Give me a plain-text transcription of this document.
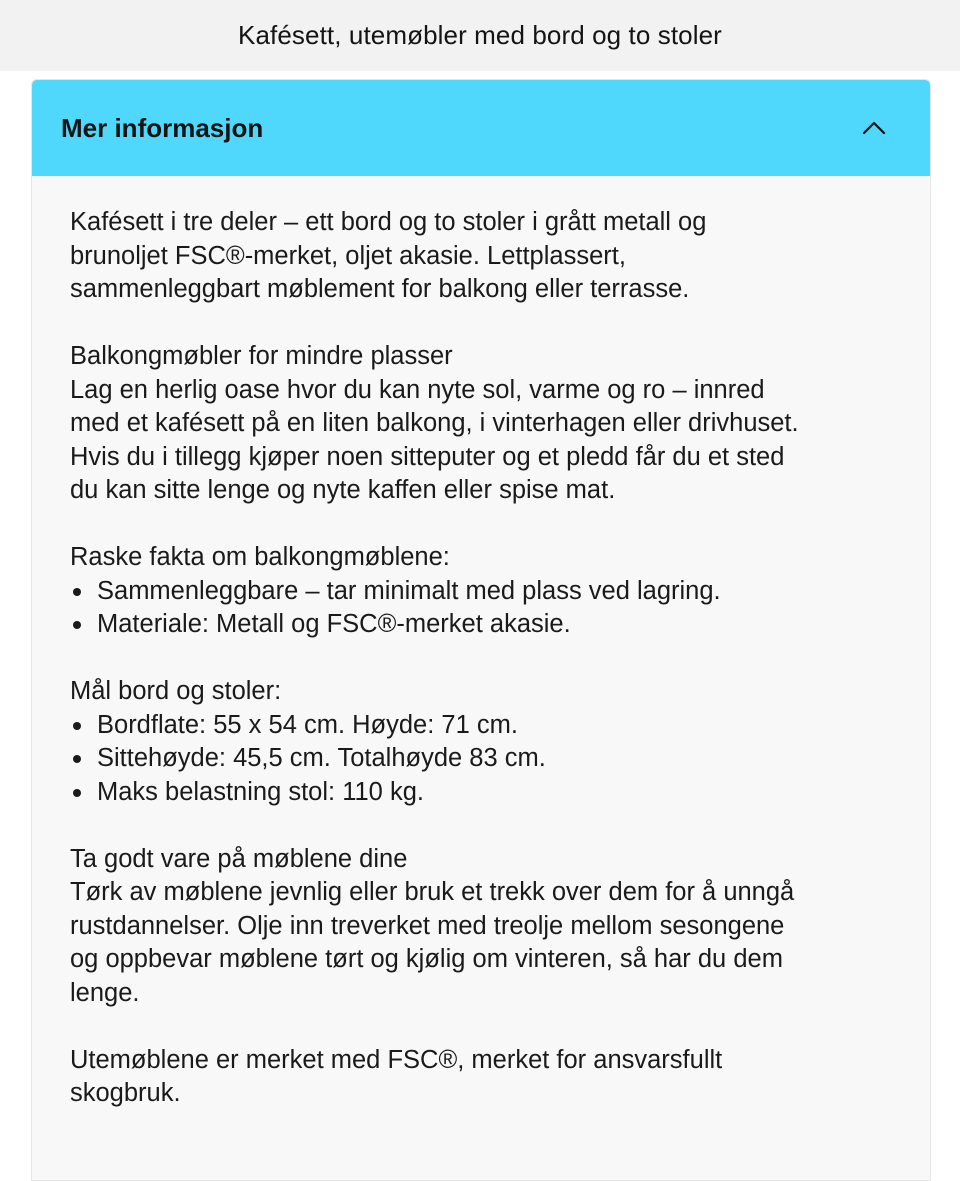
Kafésett, utemøbler med bord og to stoler
Mer informasjon
Kafésett i tre deler – ett bord og to stoler i grått metall og
brunoljet FSC®-merket, oljet akasie. Lettplassert,
sammenleggbart møblement for balkong eller terrasse.
Balkongmøbler for mindre plasser
Lag en herlig oase hvor du kan nyte sol, varme og ro – innred
med et kafésett på en liten balkong, i vinterhagen eller drivhuset.
Hvis du i tillegg kjøper noen sitteputer og et pledd får du et sted
du kan sitte lenge og nyte kaffen eller spise mat.
Raske fakta om balkongmøblene:
Sammenleggbare – tar minimalt med plass ved lagring.
Materiale: Metall og FSC®-merket akasie.
Mål bord og stoler:
Bordflate: 55 x 54 cm. Høyde: 71 cm.
Sittehøyde: 45,5 cm. Totalhøyde 83 cm.
Maks belastning stol: 110 kg.
Ta godt vare på møblene dine
Tørk av møblene jevnlig eller bruk et trekk over dem for å unngå
rustdannelser. Olje inn treverket med treolje mellom sesongene
og oppbevar møblene tørt og kjølig om vinteren, så har du dem
lenge.
Utemøblene er merket med FSC®, merket for ansvarsfullt
skogbruk.
